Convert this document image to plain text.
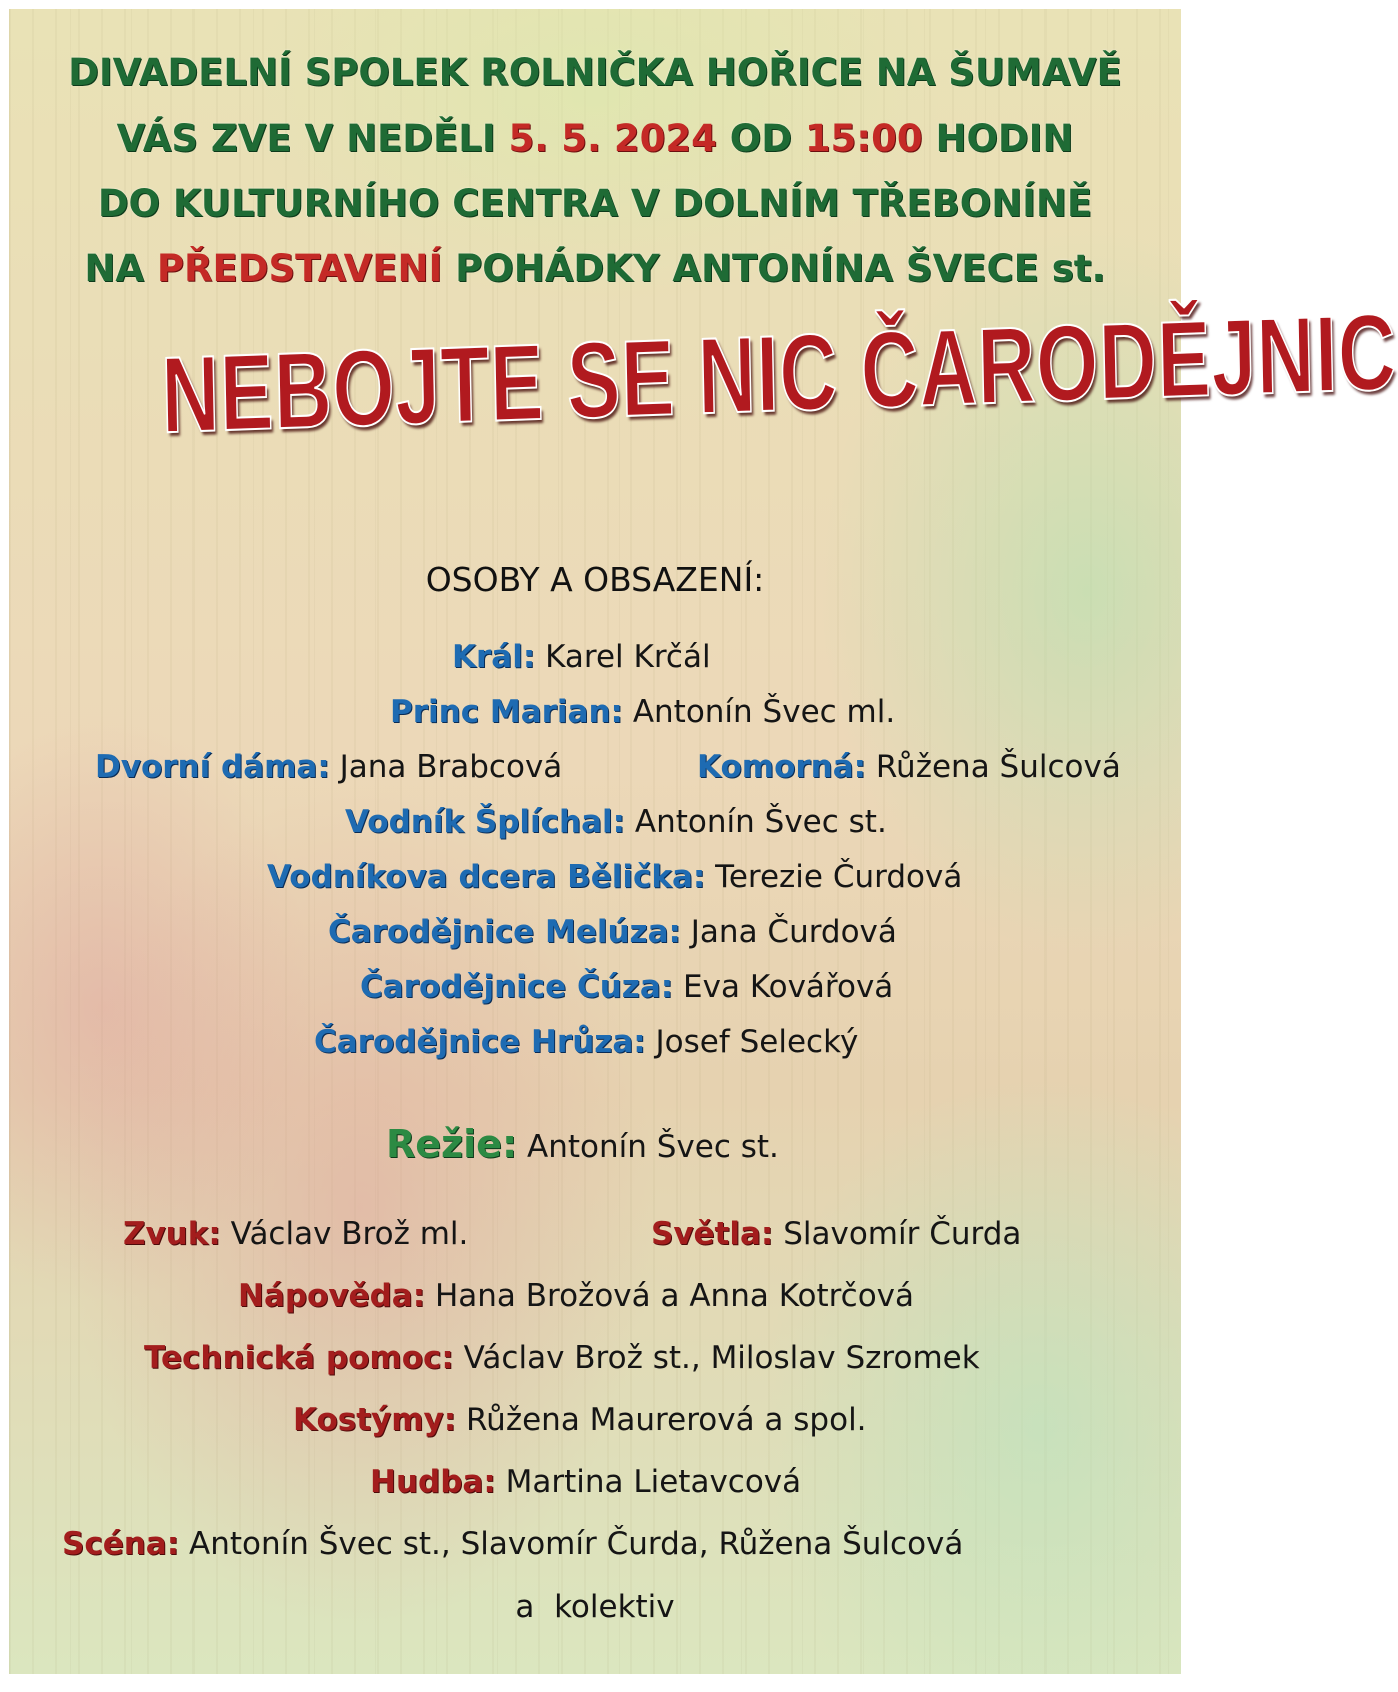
DIVADELNÍ SPOLEK ROLNIČKA HOŘICE NA ŠUMAVĚ
VÁS ZVE V NEDĚLI 5. 5. 2024 OD 15:00 HODIN
DO KULTURNÍHO CENTRA V DOLNÍM TŘEBONÍNĚ
NA PŘEDSTAVENÍ POHÁDKY ANTONÍNA ŠVECE st.
NEBOJTE SE NIC ČARODĚJNIC
OSOBY A OBSAZENÍ:
Král: Karel Krčál
Princ Marian: Antonín Švec ml.
Dvorní dáma: Jana Brabcová	Komorná: Růžena Šulcová
Vodník Šplíchal: Antonín Švec st.
Vodníkova dcera Bělička: Terezie Čurdová
Čarodějnice Melúza: Jana Čurdová
Čarodějnice Čúza: Eva Kovářová
Čarodějnice Hrůza: Josef Selecký
Režie: Antonín Švec st.
Zvuk: Václav Brož ml.	Světla: Slavomír Čurda
Nápověda: Hana Brožová a Anna Kotrčová
Technická pomoc: Václav Brož st., Miloslav Szromek
Kostýmy: Růžena Maurerová a spol.
Hudba: Martina Lietavcová
Scéna: Antonín Švec st., Slavomír Čurda, Růžena Šulcová
a  kolektiv
